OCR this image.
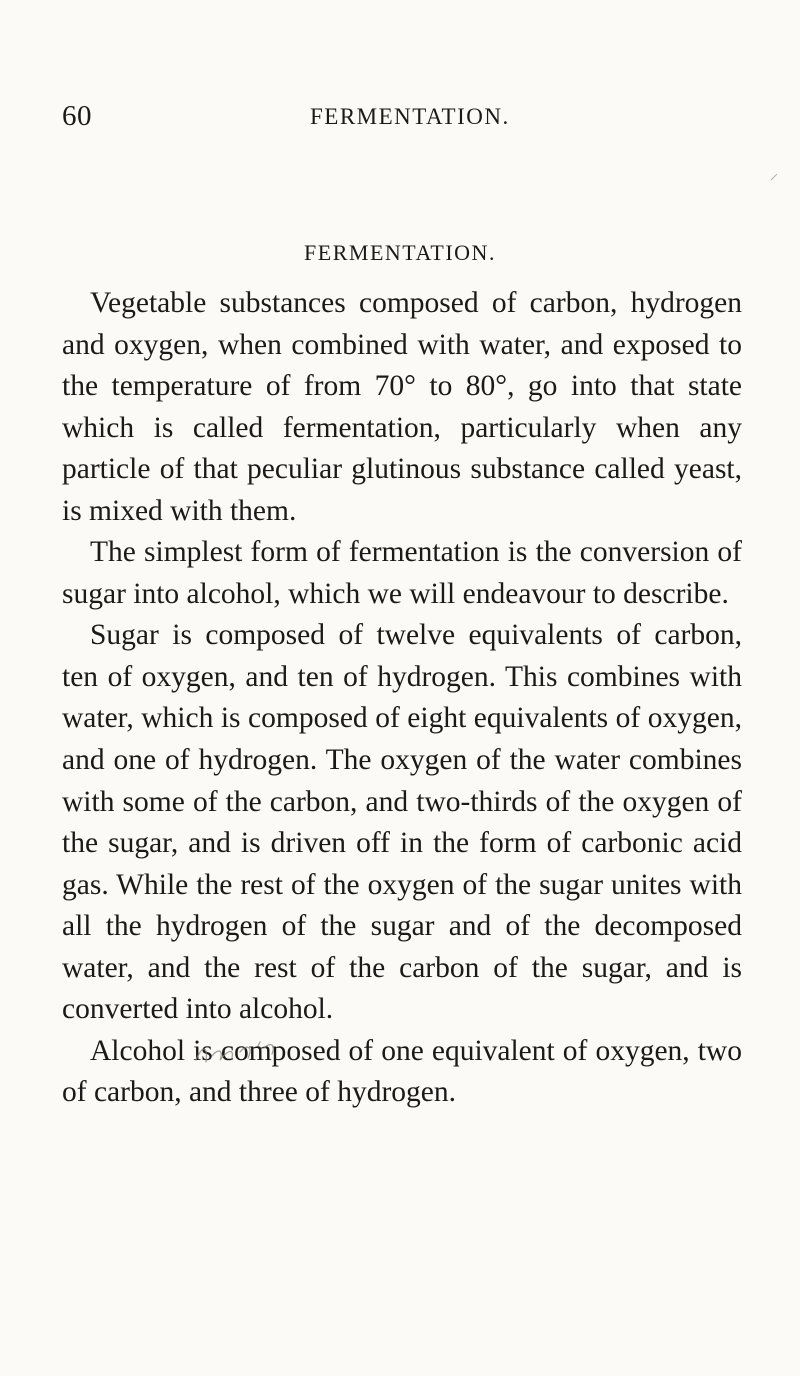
60	FERMENTATION.
FERMENTATION.

Vegetable substances composed of carbon, hydrogen and oxygen, when combined with water, and exposed to the temperature of from 70° to 80°, go into that state which is called fermentation, particularly when any particle of that peculiar glutinous substance called yeast, is mixed with them.

The simplest form of fermentation is the conversion of sugar into alcohol, which we will endeavour to describe.

Sugar is composed of twelve equivalents of carbon, ten of oxygen, and ten of hydrogen. This combines with water, which is composed of eight equivalents of oxygen, and one of hydrogen. The oxygen of the water combines with some of the carbon, and two-thirds of the oxygen of the sugar, and is driven off in the form of carbonic acid gas. While the rest of the oxygen of the sugar unites with all the hydrogen of the sugar and of the decomposed water, and the rest of the carbon of the sugar, and is converted into alcohol.

Alcohol is composed of one equivalent of oxygen, two of carbon, and three of hydrogen.
